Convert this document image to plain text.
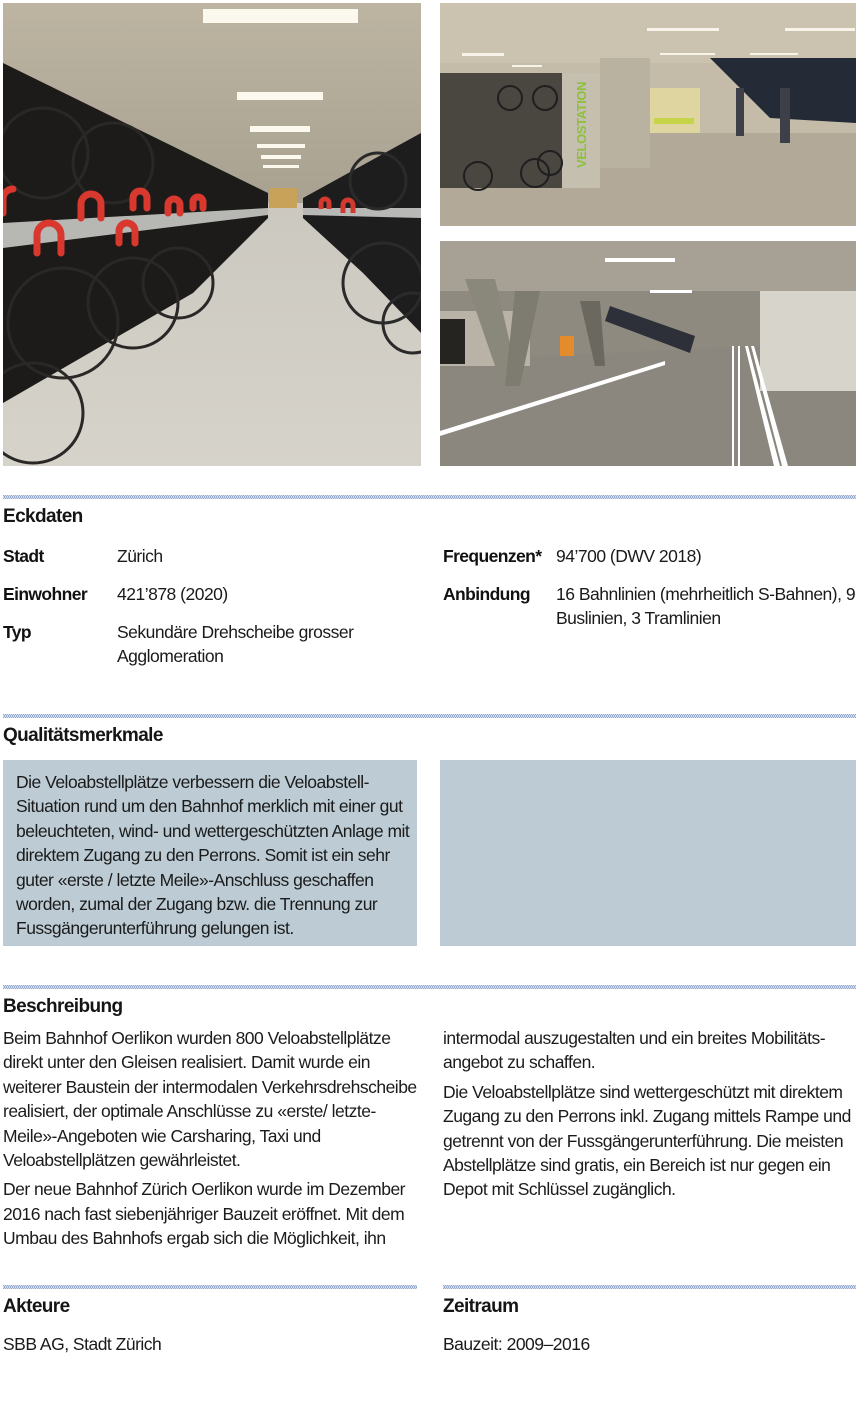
VELOSTATION
Eckdaten
Stadt	Zürich
Einwohner 421’878 (2020)
Typ	Sekundäre Drehscheibe grosser Agglomeration
Frequenzen* 94’700 (DWV 2018)
Anbindung 16 Bahnlinien (mehrheitlich S-Bahnen), 9 Buslinien, 3 Tramlinien
Qualitätsmerkmale
Die Veloabstellplätze verbessern die Veloabstell-Situation rund um den Bahnhof merklich mit einer gut beleuchteten, wind- und wettergeschützten Anlage mit direktem Zugang zu den Perrons. Somit ist ein sehr guter «erste / letzte Meile»-Anschluss geschaffen worden, zumal der Zugang bzw. die Trennung zur Fussgängerunterführung gelungen ist.
Beschreibung

Beim Bahnhof Oerlikon wurden 800 Veloabstellplätze direkt unter den Gleisen realisiert. Damit wurde ein weiterer Baustein der intermodalen Verkehrsdrehscheibe realisiert, der optimale Anschlüsse zu «erste/ letzte-Meile»-Angeboten wie Carsharing, Taxi und Veloabstellplätzen gewährleistet.

Der neue Bahnhof Zürich Oerlikon wurde im Dezember 2016 nach fast siebenjähriger Bauzeit eröffnet. Mit dem Umbau des Bahnhofs ergab sich die Möglichkeit, ihn

intermodal auszugestalten und ein breites Mobilitätsangebot zu schaffen.

Die Veloabstellplätze sind wettergeschützt mit direktem Zugang zu den Perrons inkl. Zugang mittels Rampe und getrennt von der Fussgängerunterführung. Die meisten Abstellplätze sind gratis, ein Bereich ist nur gegen ein Depot mit Schlüssel zugänglich.

Akteure
SBB AG, Stadt Zürich
Zeitraum
Bauzeit: 2009–2016
